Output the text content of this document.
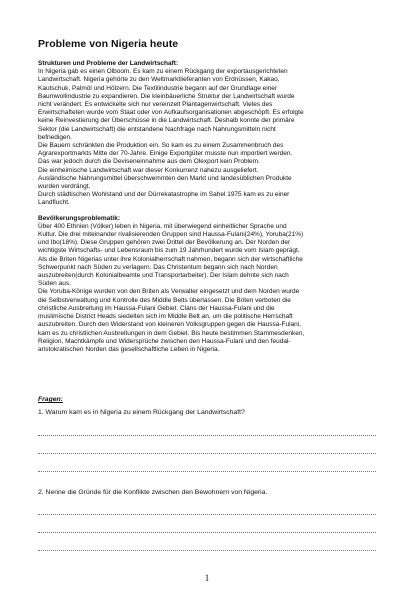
Probleme von Nigeria heute
Strukturen und Probleme der Landwirtschaft:
In Nigeria gab es einen Olboom. Es kam zu einem Rückgang der exportausgerichteten
Landwirtschaft. Nigeria gehörte zu den Weltmarktlieferanten von Erdnüssen, Kakao,
Kautschuk, Palmöl und Hölzern. Die Textilindustrie begann auf der Grundlage einer
Baumwollindustrie zu expandieren. Die kleinbäuerliche Struktur der Landwirtschaft wurde
nicht verändert. Es entwickelte sich nur vereinzelt Plantagenwirtschaft. Vieles des
Erwirtschafteten wurde vom Staat oder von Aufkaufsorganisationen abgeschöpft. Es erfolgte
keine Reinvestierung der Überschüsse in die Landwirtschaft. Deshalb konnte der primäre
Sektor (die Landwirtschaft) die entstandene Nachfrage nach Nahrungsmitteln nicht
befriedigen.
Die Bauern schränkten die Produktion ein. So kam es zu einem Zusammenbruch des
Agrarexportmarkts Mitte der 70-Jahre. Einige Exportgüter musste nun importiert werden.
Das war jedoch durch die Deviseneinnahme aus dem Olexport kein Problem.
Die einheimische Landwirtschaft war dieser Konkurrenz nahezu ausgeliefert.
Ausländische Nahrungsmittel überschwemmten den Markt und landesüblichen Produkte
wurden verdrängt.
Durch städtischen Wohlstand und der Dürrekatastrophe im Sahel 1975 kam es zu einer
Landflucht.
Bevölkerungsproblematik:
Über 400 Ethnien (Völker) leben in Nigeria, mit überwiegend einheitlicher Sprache und
Kultur. Die drei miteinander rivalisierenden Gruppen sind Haussa-Fulani(24%), Yoruba(21%)
und Ibo(18%). Diese Gruppen gehören zwei Drittel der Bevölkerung an. Der Norden der
wichtigste Wirtschafts- und Lebensraum bis zum 19 Jahrhundert wurde vom Islam geprägt.
Als die Briten Nigerias unter ihre Kolonialherrschaft nahmen, begann sich der wirtschaftliche
Schwerpunkt nach Süden zu verlagern. Das Christentum begann sich nach Norden
auszubreiten(durch Kolonialbeamte und Transportarbeiter). Der Islam dehnte sich nach
Süden aus.
Die Yoruba-Könige wurden von den Briten als Verwalter eingesetzt und dem Norden wurde
die Selbstverwaltung und Kontrolle des Middle Belts überlassen. Die Briten verboten die
christliche Ausbreitung im Haussa-Fulani Gebiet. Clans der Haussa-Fulani und die
muslimische District Heads siedelten sich im Middle Belt an, um die politische Herrschaft
auszubreiten. Durch den Widerstand von kleineren Volksgruppen gegen die Haussa-Fulani,
kam es zu christlichen Ausbreitungen in dem Gebiet. Bis heute bestimmen Stammesdenken,
Religion, Machtkämpfe und Widersprüche zwischen den Haussa-Fulani und den feudal-
aristokratischen Norden das gesellschaftliche Leben in Nigeria.
Fragen:
1. Warum kam es in Nigeria zu einem Rückgang der Landwirtschaft?
2. Nenne die Gründe für die Konflikte zwischen den Bewohnern von Nigeria.
1
